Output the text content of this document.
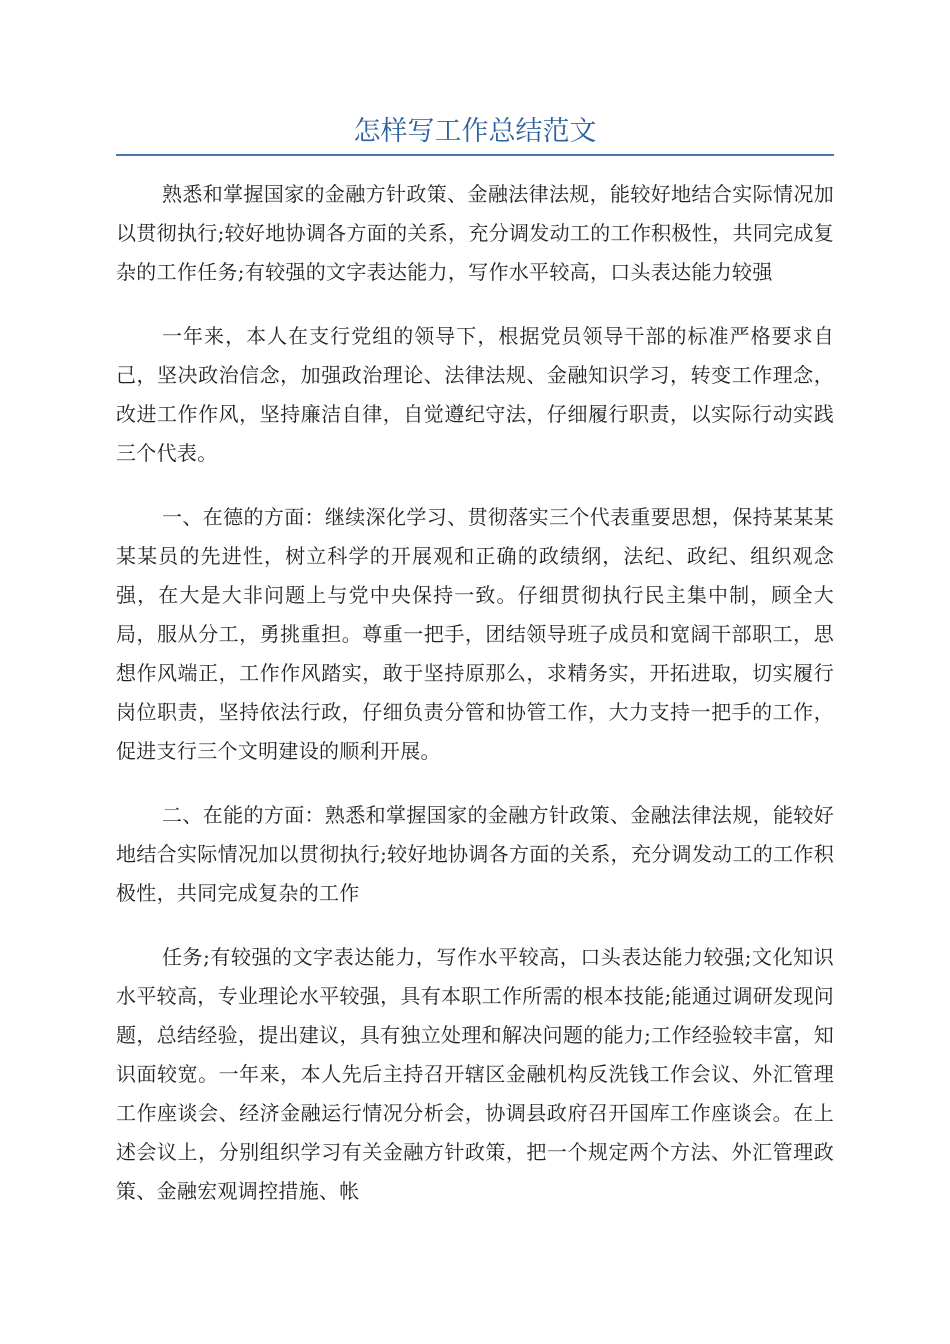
怎样写工作总结范文

熟悉和掌握国家的金融方针政策、金融法律法规，能较好地结合实际情况加以贯彻执行;较好地协调各方面的关系，充分调发动工的工作积极性，共同完成复杂的工作任务;有较强的文字表达能力，写作水平较高，口头表达能力较强

一年来，本人在支行党组的领导下，根据党员领导干部的标准严格要求自己，坚决政治信念，加强政治理论、法律法规、金融知识学习，转变工作理念，改进工作作风，坚持廉洁自律，自觉遵纪守法，仔细履行职责，以实际行动实践三个代表。

一、在德的方面：继续深化学习、贯彻落实三个代表重要思想，保持某某某某某员的先进性，树立科学的开展观和正确的政绩纲，法纪、政纪、组织观念强，在大是大非问题上与党中央保持一致。仔细贯彻执行民主集中制，顾全大局，服从分工，勇挑重担。尊重一把手，团结领导班子成员和宽阔干部职工，思想作风端正，工作作风踏实，敢于坚持原那么，求精务实，开拓进取，切实履行岗位职责，坚持依法行政，仔细负责分管和协管工作，大力支持一把手的工作，促进支行三个文明建设的顺利开展。

二、在能的方面：熟悉和掌握国家的金融方针政策、金融法律法规，能较好地结合实际情况加以贯彻执行;较好地协调各方面的关系，充分调发动工的工作积极性，共同完成复杂的工作

任务;有较强的文字表达能力，写作水平较高，口头表达能力较强;文化知识水平较高，专业理论水平较强，具有本职工作所需的根本技能;能通过调研发现问题，总结经验，提出建议，具有独立处理和解决问题的能力;工作经验较丰富，知识面较宽。一年来，本人先后主持召开辖区金融机构反洗钱工作会议、外汇管理工作座谈会、经济金融运行情况分析会，协调县政府召开国库工作座谈会。在上述会议上，分别组织学习有关金融方针政策，把一个规定两个方法、外汇管理政策、金融宏观调控措施、帐
